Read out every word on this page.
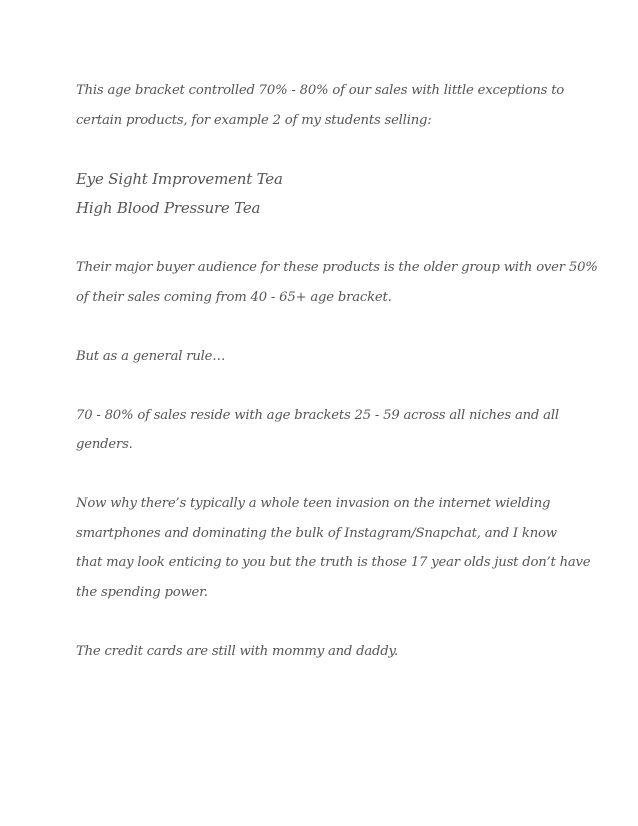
This age bracket controlled 70% - 80% of our sales with little exceptions to
certain products, for example 2 of my students selling:
Eye Sight Improvement Tea
High Blood Pressure Tea
Their major buyer audience for these products is the older group with over 50%
of their sales coming from 40 - 65+ age bracket.
But as a general rule…
70 - 80% of sales reside with age brackets 25 - 59 across all niches and all
genders.
Now why there’s typically a whole teen invasion on the internet wielding
smartphones and dominating the bulk of Instagram/Snapchat, and I know
that may look enticing to you but the truth is those 17 year olds just don’t have
the spending power.
The credit cards are still with mommy and daddy.
